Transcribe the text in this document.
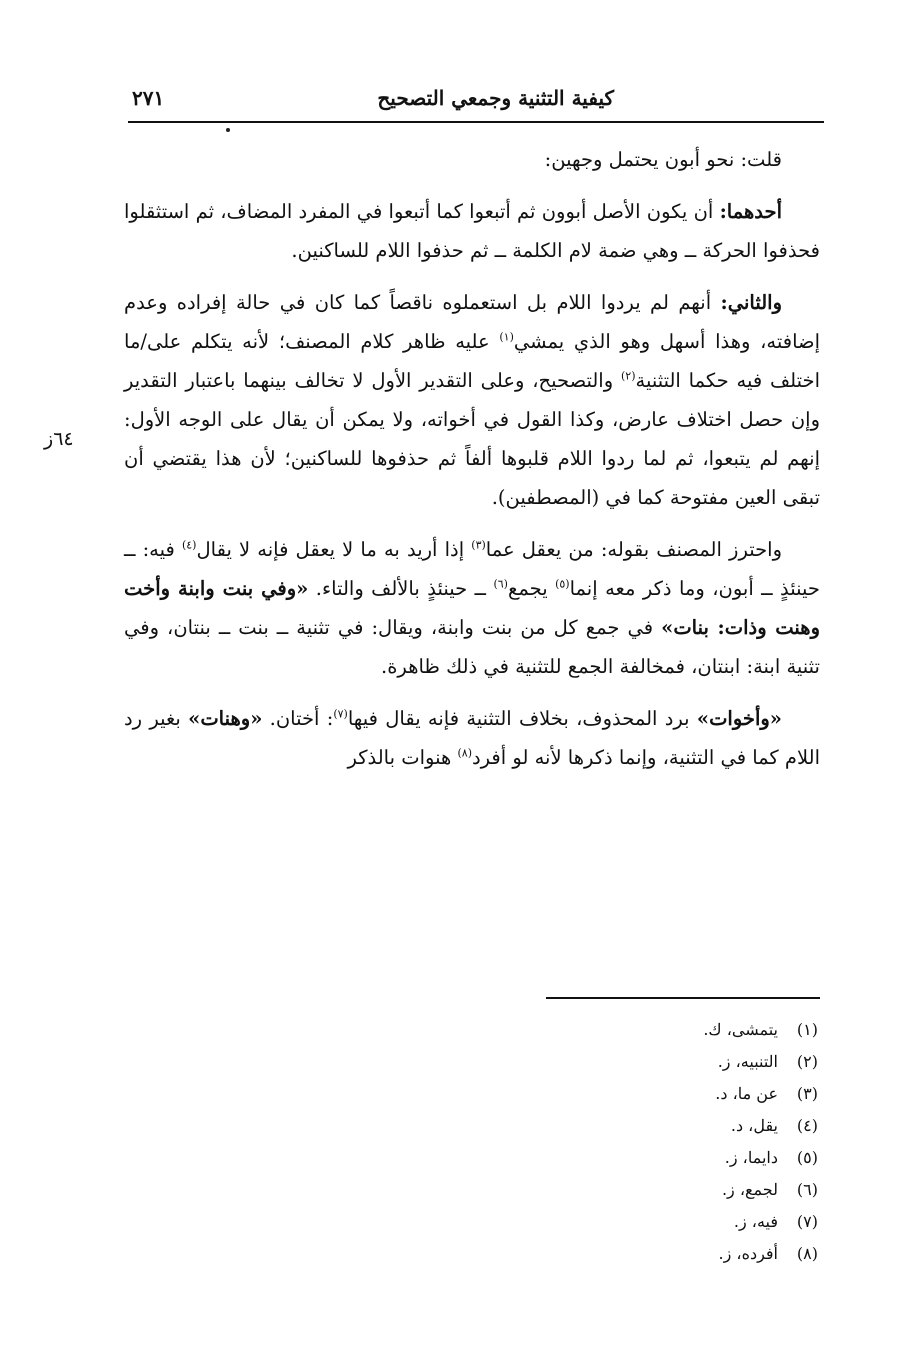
كيفية التثنية وجمعي التصحيح
٢٧١
٦٤ز

قلت: نحو أبون يحتمل وجهين:

أحدهما: أن يكون الأصل أبوون ثم أتبعوا كما أتبعوا في المفرد المضاف، ثم استثقلوا فحذفوا الحركة ــ وهي ضمة لام الكلمة ــ ثم حذفوا اللام للساكنين.

والثاني: أنهم لم يردوا اللام بل استعملوه ناقصاً كما كان في حالة إفراده وعدم إضافته، وهذا أسهل وهو الذي يمشي$^{(١)}$ عليه ظاهر كلام المصنف؛ لأنه يتكلم على/ما اختلف فيه حكما التثنية$^{(٢)}$ والتصحيح، وعلى التقدير الأول لا تخالف بينهما باعتبار التقدير وإن حصل اختلاف عارض، وكذا القول في أخواته، ولا يمكن أن يقال على الوجه الأول: إنهم لم يتبعوا، ثم لما ردوا اللام قلبوها ألفاً ثم حذفوها للساكنين؛ لأن هذا يقتضي أن تبقى العين مفتوحة كما في (المصطفين).

واحترز المصنف بقوله: من يعقل عما$^{(٣)}$ إذا أريد به ما لا يعقل فإنه لا يقال$^{(٤)}$ فيه: ــ حينئذٍ ــ أبون، وما ذكر معه إنما$^{(٥)}$ يجمع$^{(٦)}$ ــ حينئذٍ بالألف والتاء. «وفي بنت وابنة وأخت وهنت وذات: بنات» في جمع كل من بنت وابنة، ويقال: في تثنية ــ بنت ــ بنتان، وفي تثنية ابنة: ابنتان، فمخالفة الجمع للتثنية في ذلك ظاهرة.

«وأخوات» برد المحذوف، بخلاف التثنية فإنه يقال فيها$^{(٧)}$: أختان. «وهنات» بغير رد اللام كما في التثنية، وإنما ذكرها لأنه لو أفرد$^{(٨)}$ هنوات بالذكر

(١)يتمشى، ك.
(٢)التنبيه، ز.
(٣)عن ما، د.
(٤)يقل، د.
(٥)دايما، ز.
(٦)لجمع، ز.
(٧)فيه، ز.
(٨)أفرده، ز.
